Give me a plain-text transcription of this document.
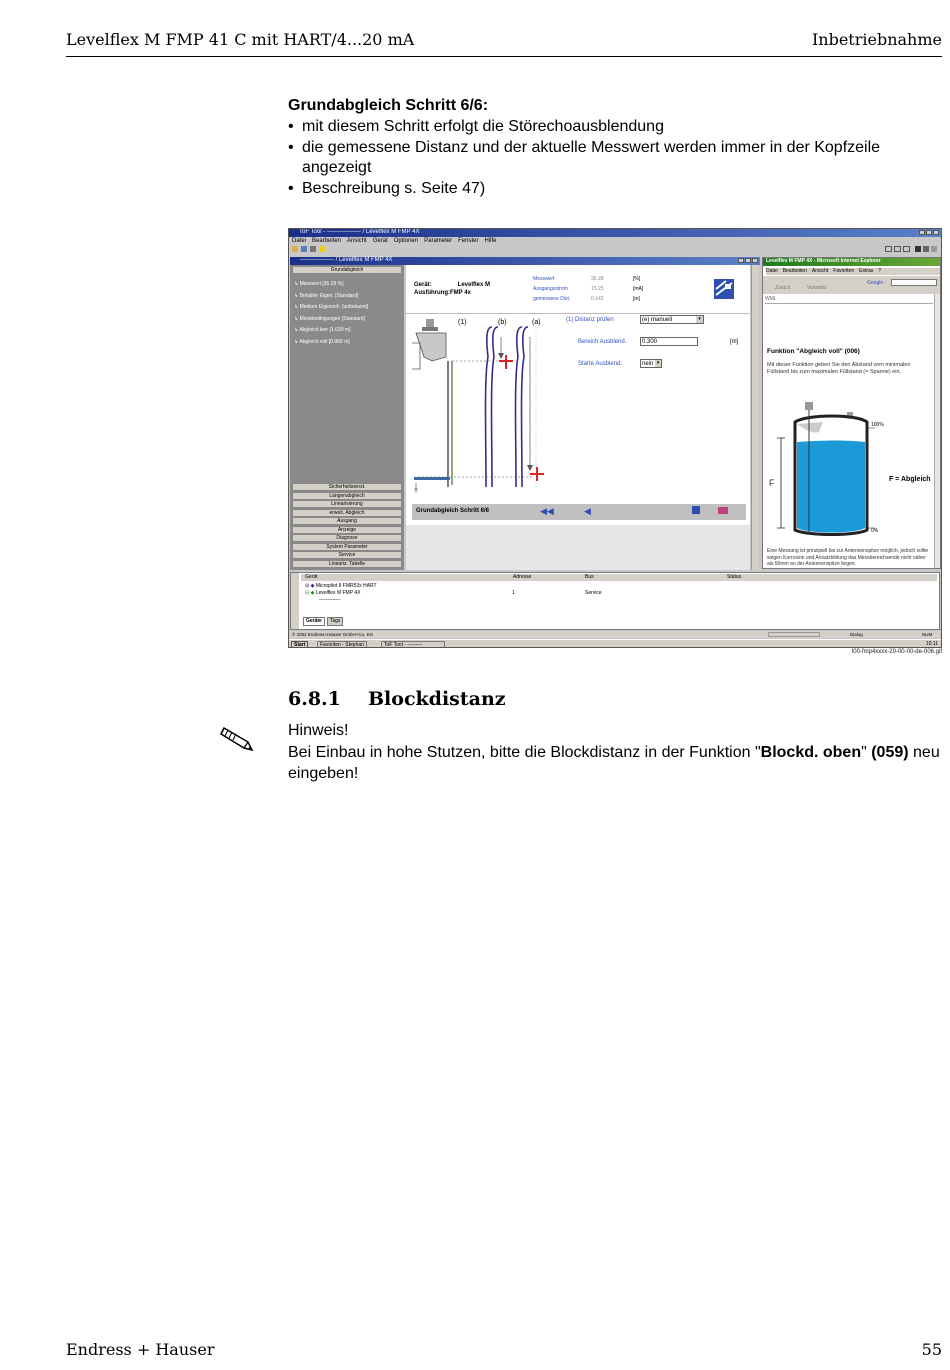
Levelflex M FMP 41 C mit HART/4...20 mA	Inbetriebnahme
Grundabgleich Schritt 6/6:
• mit diesem Schritt erfolgt die Störechoausblendung
• die gemessene Distanz und der aktuelle Messwert werden immer in der Kopfzeile angezeigt
• Beschreibung s. Seite 47)
ToF Tool - ----------------- / Levelflex M FMP 4X
Datei Bearbeiten Ansicht Gerät Optionen Parameter Fenster Hilfe
----------------- / Levelflex M FMP 4X
Grundabgleich
↳ Messwert [35.28 %]
↳ Behälter Eigen. [Standard]
↳ Medium Eigensch. [unbekannt]
↳ Messbedingungen [Standard]
↳ Abgleich leer [1.030 m]
↳ Abgleich voll [0.960 m]
Sicherheitseinst.
Längenabgleich
Linearisierung
erweit. Abgleich
Ausgang
Anzeige
Diagnose
System Parameter
Service
Lineariz. Tabelle
Gerät:	Levelflex M
Ausführung:FMP 4x
Messwert	35.28	[%]
Ausgangsstrom	15.25	[mA]
gemessene Dist.	0.142	[m]
(1)	(b)	(a)	(1) Distanz prüfen	(e) manuell	▾
Bereich Ausblend.	0.300	[m]
Starte Ausblend.	nein ▾
Grundabgleich Schritt 6/6	◀◀	◀
Levelflex M FMP 4X - Microsoft Internet Explorer
Datei Bearbeiten Ansicht Favoriten Extras ?
←
Zurück
→
Vorwärts
Google -
WML
Funktion "Abgleich voll" (006)
Mit dieser Funktion geben Sie den Abstand vom minimalen Füllstand bis zum maximalen Füllstand (= Spanne) ein.
100%
0%
F	F = Abgleich
Eine Messung ist prinzipiell bis zur Antennenspitze möglich, jedoch sollte wegen Korrosion und Ansatzbildung das Messbereichsende nicht näher als 50mm an der Antennenspitze liegen.
Gerät	Adresse	Bus	Status
⊞ ◆ Micropilot II FMR53x HART
⊟ ◆ Levelflex M FMP 4X	1	Service
-------------
Geräte	Tags
© 2002 Endress+Hauser GmbH+Co. KG	Dialog	NUM
Start	Favoriten - Stephan	ToF Tool - ---------	10:11
l00-fmp4xxxx-20-00-00-de-006.gif
6.8.1 Blockdistanz
Hinweis!
Bei Einbau in hohe Stutzen, bitte die Blockdistanz in der Funktion "Blockd. oben" (059) neu eingeben!
Endress + Hauser	55
